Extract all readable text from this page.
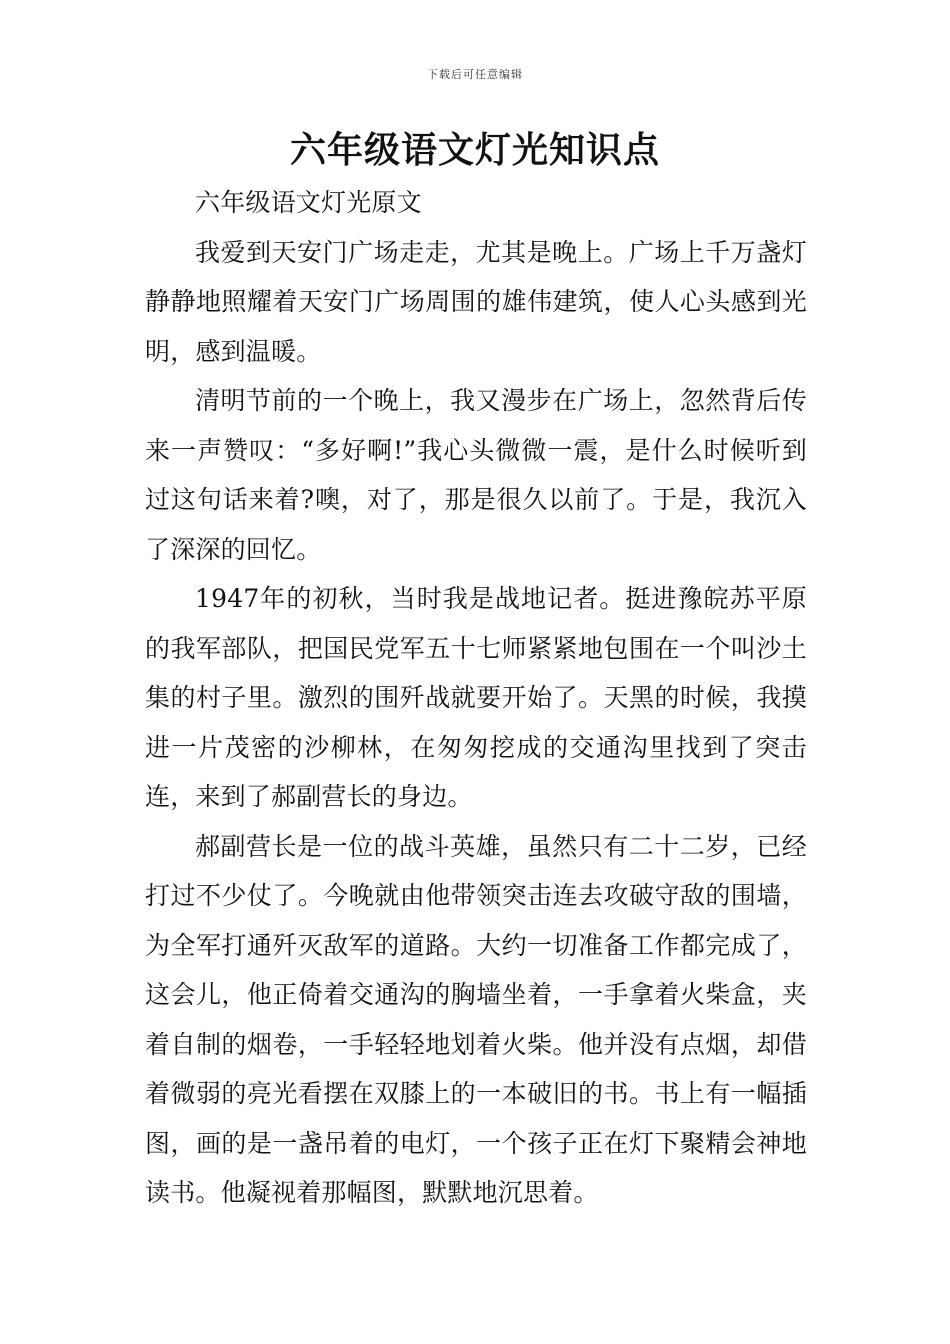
下载后可任意编辑
六年级语文灯光知识点

六年级语文灯光原文

我爱到天安门广场走走，尤其是晚上。广场上千万盏灯静静地照耀着天安门广场周围的雄伟建筑，使人心头感到光明，感到温暖。

清明节前的一个晚上，我又漫步在广场上，忽然背后传来一声赞叹：“多好啊!”我心头微微一震，是什么时候听到过这句话来着?噢，对了，那是很久以前了。于是，我沉入了深深的回忆。

1947年的初秋，当时我是战地记者。挺进豫皖苏平原的我军部队，把国民党军五十七师紧紧地包围在一个叫沙土集的村子里。激烈的围歼战就要开始了。天黑的时候，我摸进一片茂密的沙柳林，在匆匆挖成的交通沟里找到了突击连，来到了郝副营长的身边。

郝副营长是一位的战斗英雄，虽然只有二十二岁，已经打过不少仗了。今晚就由他带领突击连去攻破守敌的围墙，为全军打通歼灭敌军的道路。大约一切准备工作都完成了，这会儿，他正倚着交通沟的胸墙坐着，一手拿着火柴盒，夹着自制的烟卷，一手轻轻地划着火柴。他并没有点烟，却借着微弱的亮光看摆在双膝上的一本破旧的书。书上有一幅插图，画的是一盏吊着的电灯，一个孩子正在灯下聚精会神地读书。他凝视着那幅图，默默地沉思着。
